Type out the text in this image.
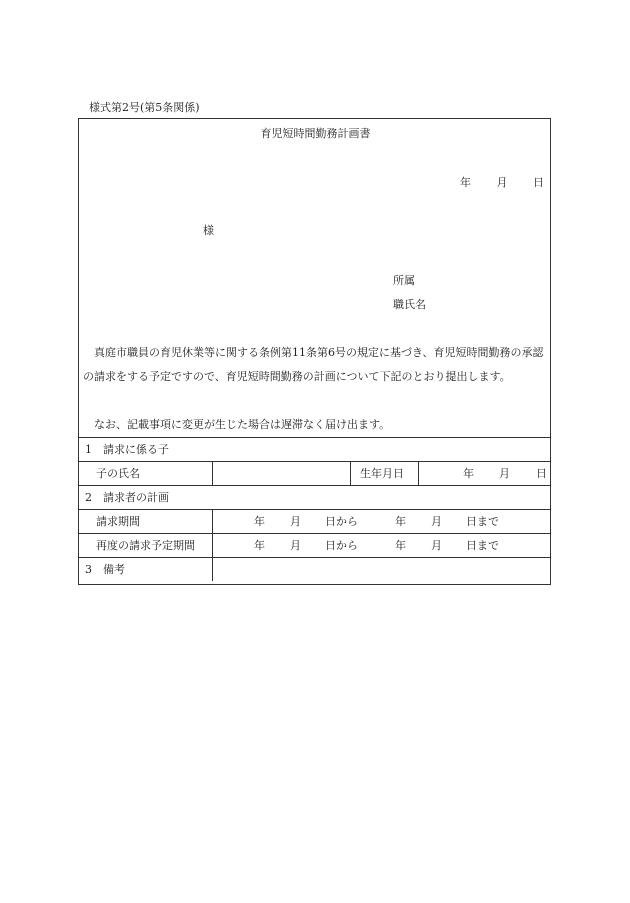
様式第2号(第5条関係)
育児短時間勤務計画書
年 月 日
様
所属
職氏名
真庭市職員の育児休業等に関する条例第11条第6号の規定に基づき、育児短時間勤務の承認の請求をする予定ですので、育児短時間勤務の計画について下記のとおり提出します。
なお、記載事項に変更が生じた場合は遅滞なく届け出ます。
1 請求に係る子
子の氏名	生年月日	年 月 日
2 請求者の計画
請求期間	年 月 日から	年 月 日まで
再度の請求予定期間	年 月 日から	年 月 日まで
3 備考
